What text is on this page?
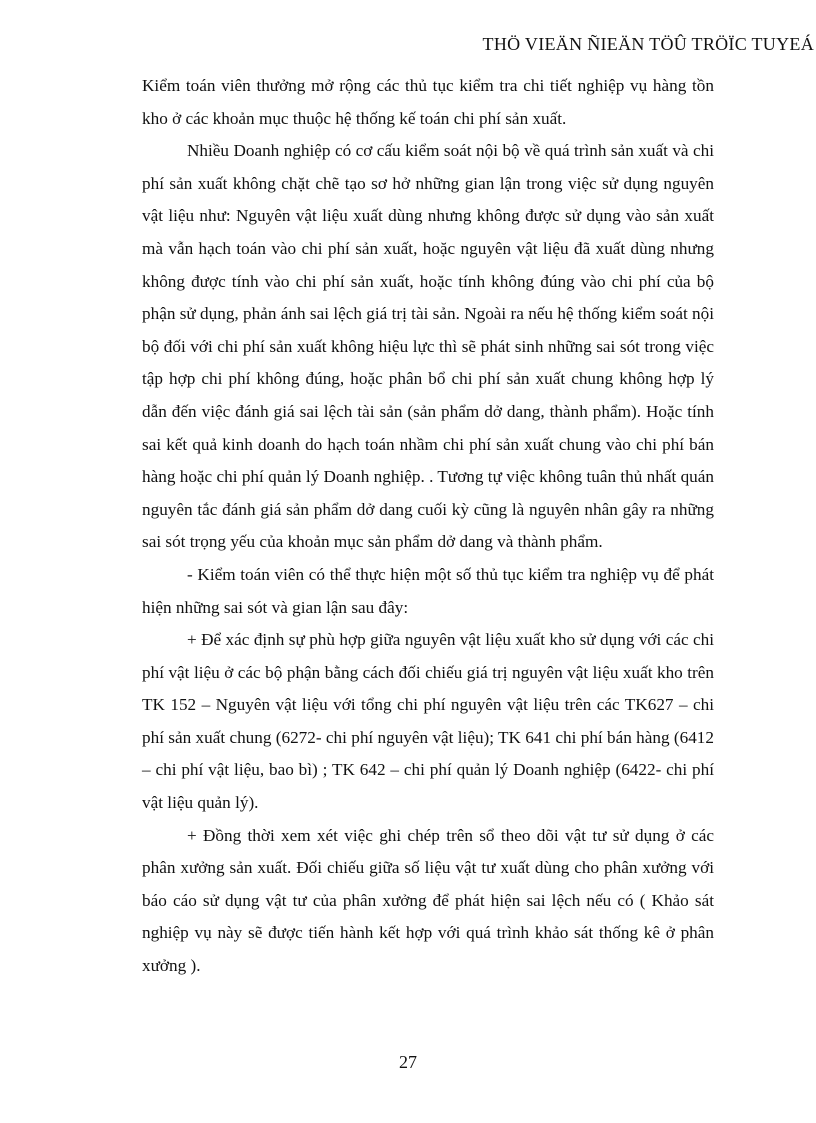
THÖ VIEÄN ÑIEÄN TÖÛ TRÖÏC TUYEÁ

Kiểm toán viên thưởng mở rộng các thủ tục kiểm tra chi tiết nghiệp vụ hàng tồn kho ở các khoản mục thuộc hệ thống kế toán chi phí sản xuất.

Nhiều Doanh nghiệp có cơ cấu kiểm soát nội bộ về quá trình sản xuất và chi phí sản xuất không chặt chẽ tạo sơ hở những gian lận trong việc sử dụng nguyên vật liệu như: Nguyên vật liệu xuất dùng nhưng không được sử dụng vào sản xuất mà vẫn hạch toán vào chi phí sản xuất, hoặc nguyên vật liệu đã xuất dùng nhưng không được tính vào chi phí sản xuất, hoặc tính không đúng vào chi phí của bộ phận sử dụng, phản ánh sai lệch giá trị tài sản. Ngoài ra nếu hệ thống kiểm soát nội bộ đối với chi phí sản xuất không hiệu lực thì sẽ phát sinh những sai sót trong việc tập hợp chi phí không đúng, hoặc phân bổ chi phí sản xuất chung không hợp lý dẫn đến việc đánh giá sai lệch tài sản (sản phẩm dở dang, thành phẩm). Hoặc tính sai kết quả kinh doanh do hạch toán nhầm chi phí sản xuất chung vào chi phí bán hàng hoặc chi phí quản lý Doanh nghiệp. . Tương tự việc không tuân thủ nhất quán nguyên tắc đánh giá sản phẩm dở dang cuối kỳ cũng là nguyên nhân gây ra những sai sót trọng yếu của khoản mục sản phẩm dở dang và thành phẩm.

- Kiểm toán viên có thể thực hiện một số thủ tục kiểm tra nghiệp vụ để phát hiện những sai sót và gian lận sau đây:

+ Để xác định sự phù hợp giữa nguyên vật liệu xuất kho sử dụng với các chi phí vật liệu ở các bộ phận bằng cách đối chiếu giá trị nguyên vật liệu xuất kho trên TK 152 – Nguyên vật liệu với tổng chi phí nguyên vật liệu trên các TK627 – chi phí sản xuất chung (6272- chi phí nguyên vật liệu); TK 641 chi phí bán hàng (6412 – chi phí vật liệu, bao bì) ; TK 642 – chi phí quản lý Doanh nghiệp (6422- chi phí vật liệu quản lý).

+ Đồng thời xem xét việc ghi chép trên sổ theo dõi vật tư sử dụng ở các phân xưởng sản xuất. Đối chiếu giữa số liệu vật tư xuất dùng cho phân xưởng với báo cáo sử dụng vật tư của phân xưởng để phát hiện sai lệch nếu có ( Khảo sát nghiệp vụ này sẽ được tiến hành kết hợp với quá trình khảo sát thống kê ở phân xưởng ).

27
